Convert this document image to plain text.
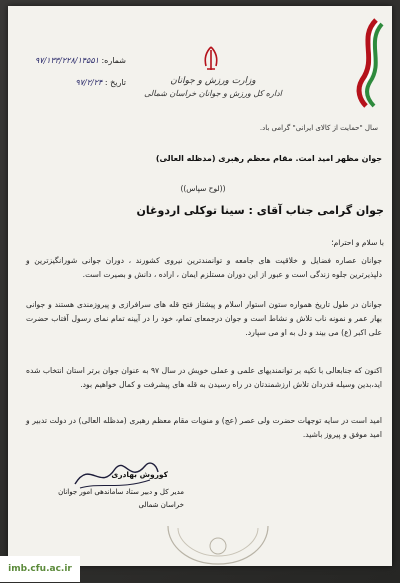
شماره: ۹۷/۱۳۳/۲۲۸/۱۴۵۵۱
تاریخ : ۹۷/۲/۲۴	وزارت ورزش و جوانان
اداره کل ورزش و جوانان خراسان شمالی
سال "حمایت از کالای ایرانی" گرامی باد.
جوان مظهر امید امت. مقام معظم رهبری (مدظله العالی)
((لوح سپاس))
جوان گرامی جناب آقای : سینا توکلی اردوغان
با سلام و احترام؛
جوانان عصاره فضایل و خلاقیت های جامعه و توانمندترین نیروی کشورند ، دوران جوانی شورانگیزترین و دلپذیرترین جلوه زندگی است و عبور از این دوران مستلزم ایمان ، اراده ، دانش و بصیرت است.
جوانان در طول تاریخ همواره ستون استوار اسلام و پیشتاز فتح قله های سرافرازی و پیروزمندی هستند و جوانی بهار عمر و نمونه ناب تلاش و نشاط است و جوان درجمعای تمام، خود را در آیینه تمام نمای رسول آفتاب حضرت علی اکبر (ع) می بیند و دل به او می سپارد.
اکنون که جنابعالی با تکیه بر توانمندیهای علمی و عملی خویش در سال ۹۷ به عنوان جوان برتر استان انتخاب شده اید،بدین وسیله قدردان تلاش ارزشمندتان در راه رسیدن به قله های پیشرفت و کمال خواهیم بود.
امید است در سایه توجهات حضرت ولی عصر (عج) و منویات مقام معظم رهبری (مدظله العالی) در دولت تدبیر و امید موفق و پیروز باشید.
کوروش بهادری
مدیر کل و دبیر ستاد ساماندهی امور جوانان
خراسان شمالی
imb.cfu.ac.ir
